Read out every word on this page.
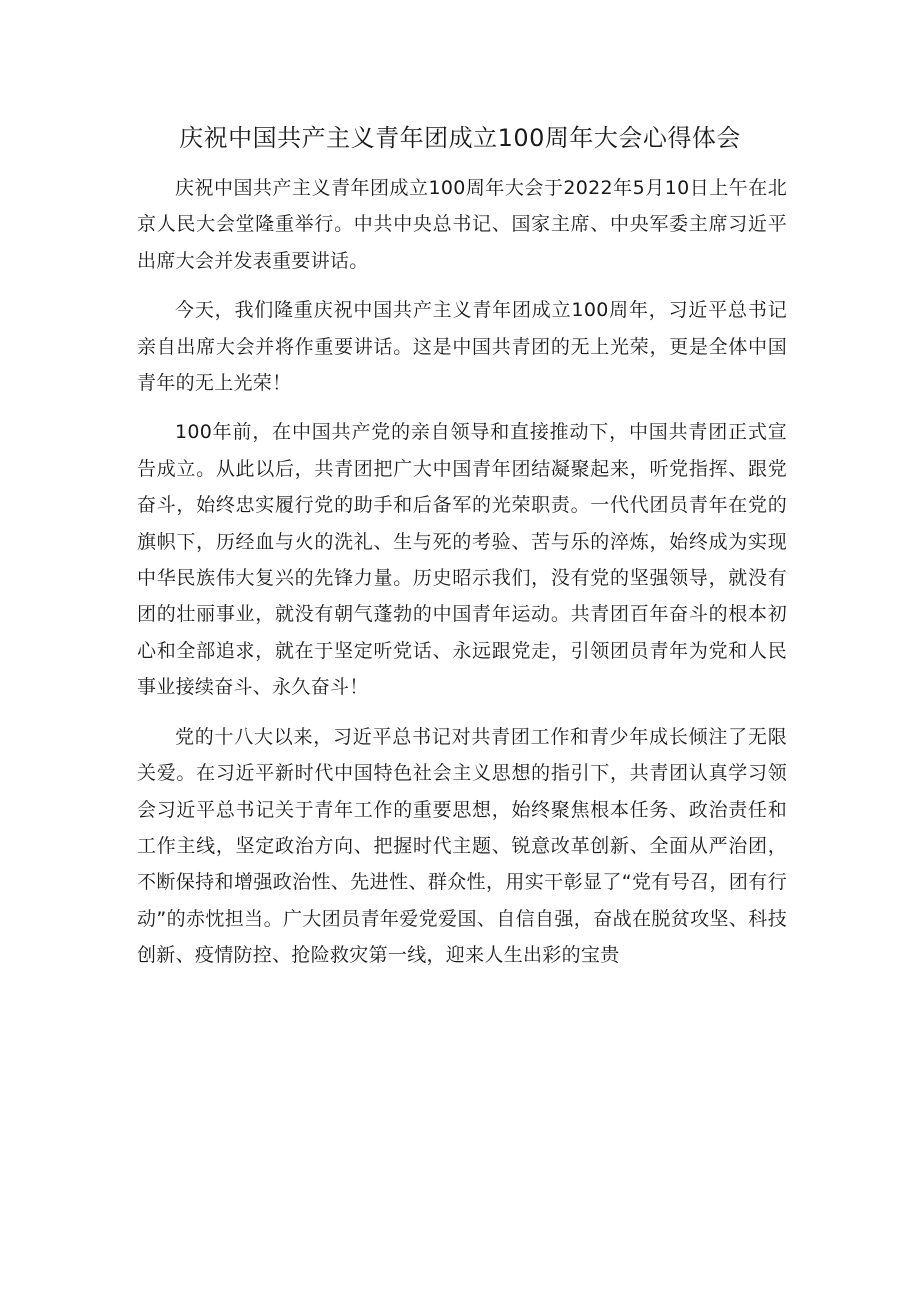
庆祝中国共产主义青年团成立100周年大会心得体会

庆祝中国共产主义青年团成立100周年大会于2022年5月10日上午在北京人民大会堂隆重举行。中共中央总书记、国家主席、中央军委主席习近平出席大会并发表重要讲话。

今天，我们隆重庆祝中国共产主义青年团成立100周年，习近平总书记亲自出席大会并将作重要讲话。这是中国共青团的无上光荣，更是全体中国青年的无上光荣！

100年前，在中国共产党的亲自领导和直接推动下，中国共青团正式宣告成立。从此以后，共青团把广大中国青年团结凝聚起来，听党指挥、跟党奋斗，始终忠实履行党的助手和后备军的光荣职责。一代代团员青年在党的旗帜下，历经血与火的洗礼、生与死的考验、苦与乐的淬炼，始终成为实现中华民族伟大复兴的先锋力量。历史昭示我们，没有党的坚强领导，就没有团的壮丽事业，就没有朝气蓬勃的中国青年运动。共青团百年奋斗的根本初心和全部追求，就在于坚定听党话、永远跟党走，引领团员青年为党和人民事业接续奋斗、永久奋斗！

党的十八大以来，习近平总书记对共青团工作和青少年成长倾注了无限关爱。在习近平新时代中国特色社会主义思想的指引下，共青团认真学习领会习近平总书记关于青年工作的重要思想，始终聚焦根本任务、政治责任和工作主线，坚定政治方向、把握时代主题、锐意改革创新、全面从严治团，不断保持和增强政治性、先进性、群众性，用实干彰显了“党有号召，团有行动”的赤忱担当。广大团员青年爱党爱国、自信自强，奋战在脱贫攻坚、科技创新、疫情防控、抢险救灾第一线，迎来人生出彩的宝贵
